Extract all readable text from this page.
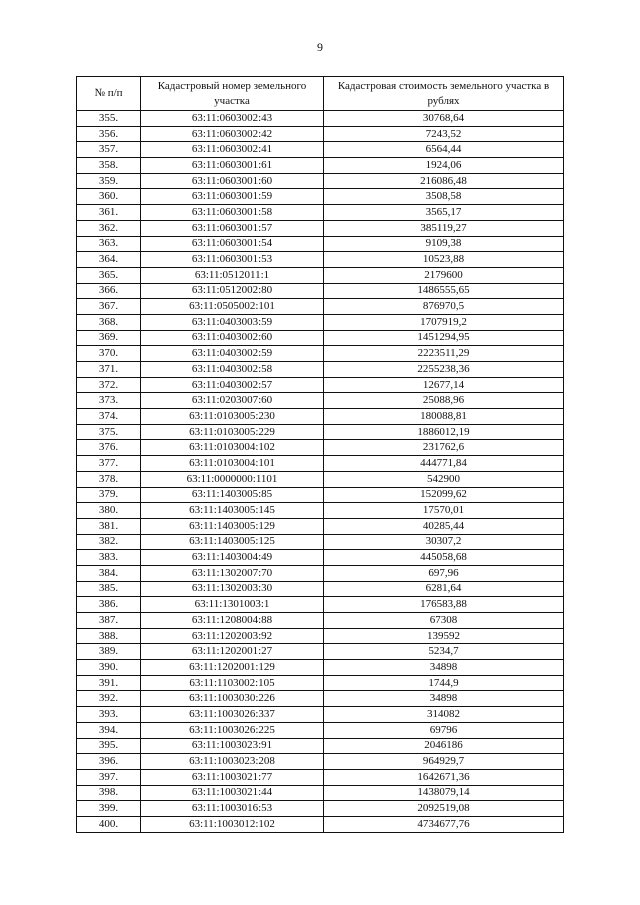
9
№ п/п	Кадастровый номер земельного участка	Кадастровая стоимость земельного участка в рублях
355.	63:11:0603002:43	30768,64
356.	63:11:0603002:42	7243,52
357.	63:11:0603002:41	6564,44
358.	63:11:0603001:61	1924,06
359.	63:11:0603001:60	216086,48
360.	63:11:0603001:59	3508,58
361.	63:11:0603001:58	3565,17
362.	63:11:0603001:57	385119,27
363.	63:11:0603001:54	9109,38
364.	63:11:0603001:53	10523,88
365.	63:11:0512011:1	2179600
366.	63:11:0512002:80	1486555,65
367.	63:11:0505002:101	876970,5
368.	63:11:0403003:59	1707919,2
369.	63:11:0403002:60	1451294,95
370.	63:11:0403002:59	2223511,29
371.	63:11:0403002:58	2255238,36
372.	63:11:0403002:57	12677,14
373.	63:11:0203007:60	25088,96
374.	63:11:0103005:230	180088,81
375.	63:11:0103005:229	1886012,19
376.	63:11:0103004:102	231762,6
377.	63:11:0103004:101	444771,84
378.	63:11:0000000:1101	542900
379.	63:11:1403005:85	152099,62
380.	63:11:1403005:145	17570,01
381.	63:11:1403005:129	40285,44
382.	63:11:1403005:125	30307,2
383.	63:11:1403004:49	445058,68
384.	63:11:1302007:70	697,96
385.	63:11:1302003:30	6281,64
386.	63:11:1301003:1	176583,88
387.	63:11:1208004:88	67308
388.	63:11:1202003:92	139592
389.	63:11:1202001:27	5234,7
390.	63:11:1202001:129	34898
391.	63:11:1103002:105	1744,9
392.	63:11:1003030:226	34898
393.	63:11:1003026:337	314082
394.	63:11:1003026:225	69796
395.	63:11:1003023:91	2046186
396.	63:11:1003023:208	964929,7
397.	63:11:1003021:77	1642671,36
398.	63:11:1003021:44	1438079,14
399.	63:11:1003016:53	2092519,08
400.	63:11:1003012:102	4734677,76
